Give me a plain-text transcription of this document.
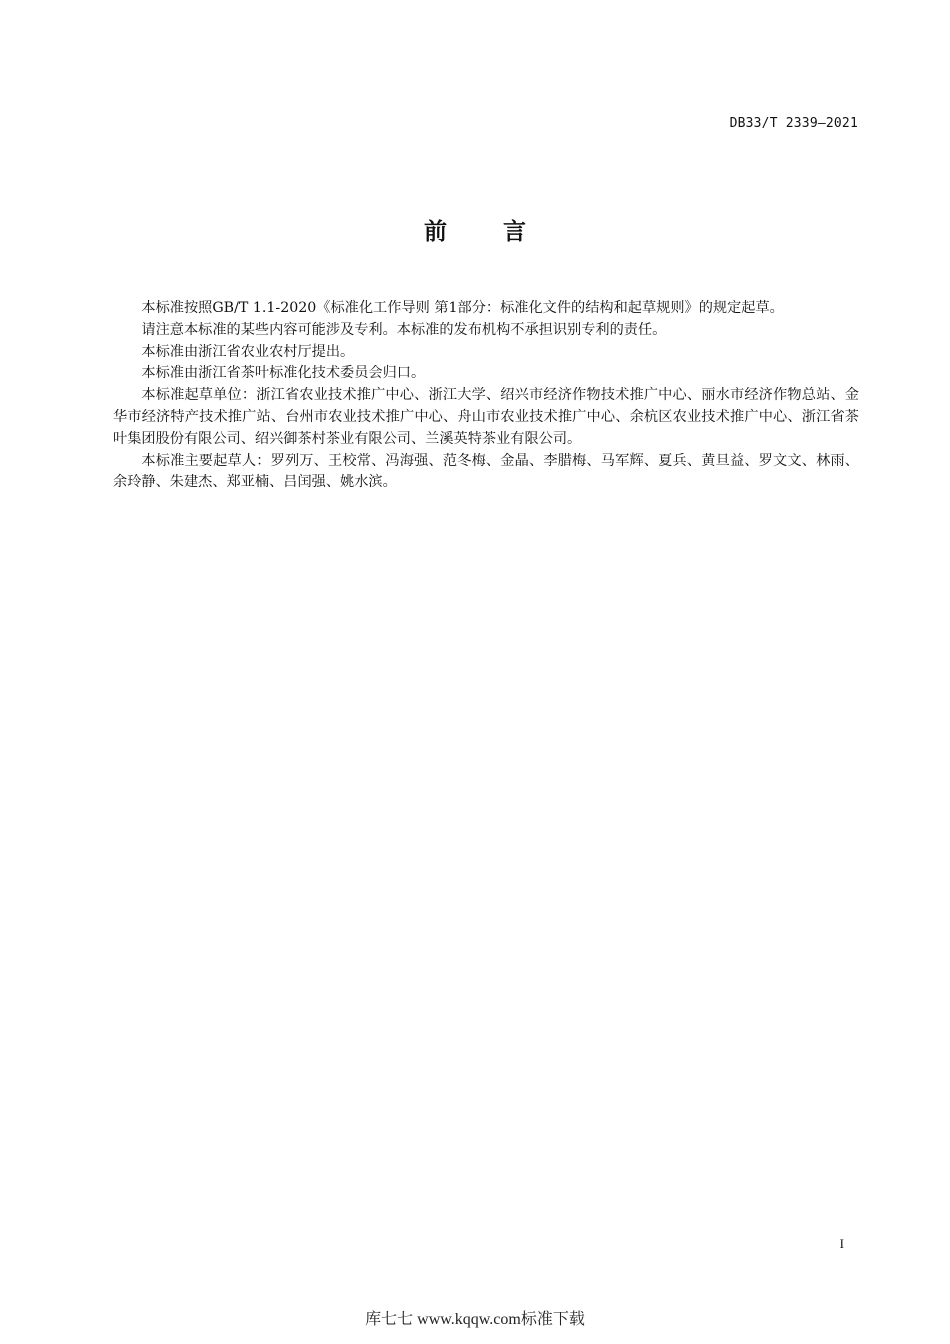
DB33/T 2339—2021
前言

本标准按照GB/T 1.1-2020《标准化工作导则 第1部分：标准化文件的结构和起草规则》的规定起草。

请注意本标准的某些内容可能涉及专利。本标准的发布机构不承担识别专利的责任。

本标准由浙江省农业农村厅提出。

本标准由浙江省茶叶标准化技术委员会归口。

本标准起草单位：浙江省农业技术推广中心、浙江大学、绍兴市经济作物技术推广中心、丽水市经济作物总站、金华市经济特产技术推广站、台州市农业技术推广中心、舟山市农业技术推广中心、余杭区农业技术推广中心、浙江省茶叶集团股份有限公司、绍兴御茶村茶业有限公司、兰溪英特茶业有限公司。

本标准主要起草人：罗列万、王校常、冯海强、范冬梅、金晶、李腊梅、马军辉、夏兵、黄旦益、罗文文、林雨、余玲静、朱建杰、郑亚楠、吕闰强、姚水滨。

I
库七七 www.kqqw.com标准下载
